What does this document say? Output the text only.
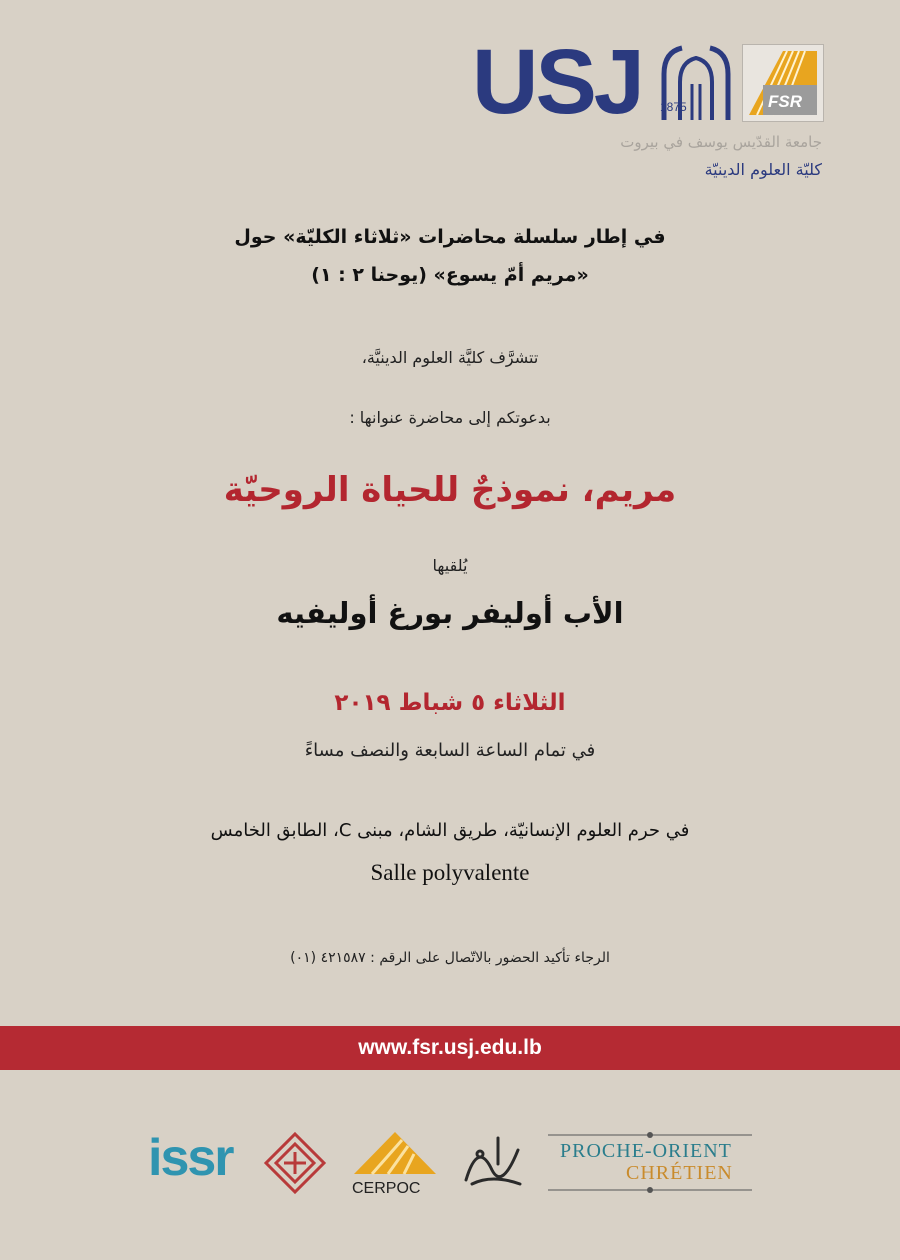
USJ 1875	FSR
جامعة القدّيس يوسف في بيروت
كليّة العلوم الدينيّة
في إطار سلسلة محاضرات «ثلاثاء الكليّة» حول
«مريم أمّ يسوع» (يوحنا ٢ : ١)
تتشرَّف كليَّة العلوم الدينيَّة،
بدعوتكم إلى محاضرة عنوانها :
مريم، نموذجٌ للحياة الروحيّة
يُلقيها
الأب أوليفر بورغ أوليفيه
الثلاثاء ٥ شباط ٢٠١٩
في تمام الساعة السابعة والنصف مساءً
في حرم العلوم الإنسانيّة، طريق الشام، مبنى C، الطابق الخامس
Salle polyvalente
الرجاء تأكيد الحضور بالاتّصال على الرقم : ٤٢١٥٨٧ (٠١)
www.fsr.usj.edu.lb
issr
CERPOC
PROCHE-ORIENT
CHRÉTIEN
